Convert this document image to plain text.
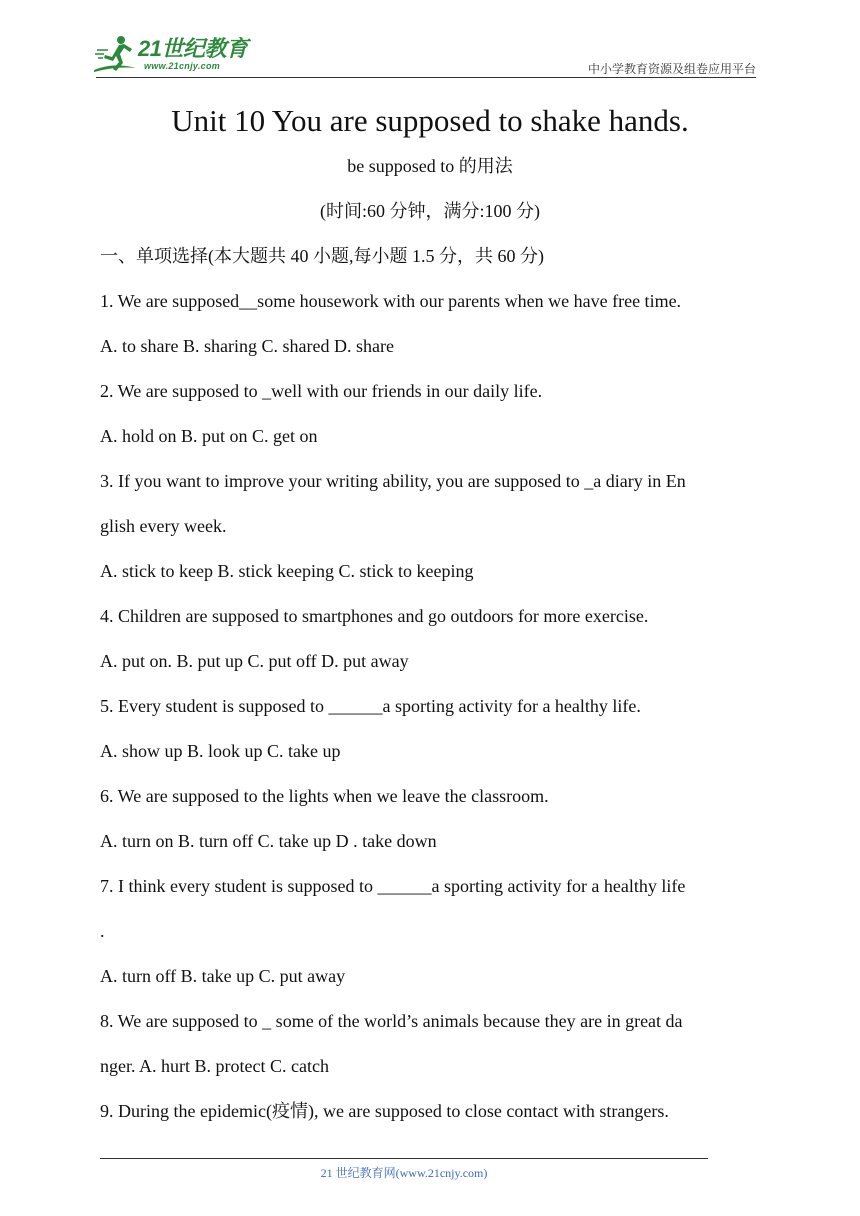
21世纪教育
www.21cnjy.com	中小学教育资源及组卷应用平台
Unit 10 You are supposed to shake hands.
be supposed to 的用法
(时间:60 分钟，满分:100 分)
一、单项选择(本大题共 40 小题,每小题 1.5 分，共 60 分)
1. We are supposed__some housework with our parents when we have free time.
A. to share B. sharing C. shared D. share
2. We are supposed to _well with our friends in our daily life.
A. hold on B. put on C. get on
3. If you want to improve your writing ability, you are supposed to _a diary in En
glish every week.
A. stick to keep B. stick keeping C. stick to keeping
4. Children are supposed to smartphones and go outdoors for more exercise.
A. put on. B. put up C. put off D. put away
5. Every student is supposed to ______a sporting activity for a healthy life.
A. show up B. look up C. take up
6. We are supposed to the lights when we leave the classroom.
A. turn on B. turn off C. take up D . take down
7. I think every student is supposed to ______a sporting activity for a healthy life
.
A. turn off B. take up C. put away
8. We are supposed to _ some of the world’s animals because they are in great da
nger. A. hurt B. protect C. catch
9. During the epidemic(疫情), we are supposed to close contact with strangers.
21 世纪教育网(www.21cnjy.com)
